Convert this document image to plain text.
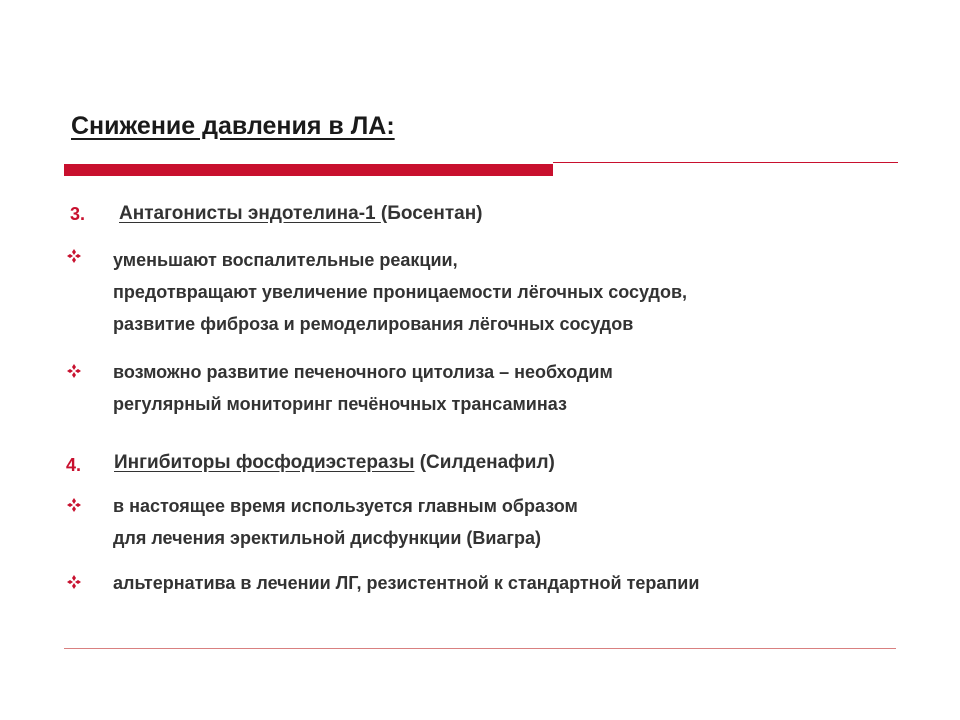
Снижение давления в ЛА:
3. Антагонисты эндотелина-1 (Босентан)
уменьшают воспалительные реакции,
предотвращают увеличение проницаемости лёгочных сосудов,
развитие фиброза и ремоделирования лёгочных сосудов
возможно развитие печеночного цитолиза – необходим
регулярный мониторинг печёночных трансаминаз
4. Ингибиторы фосфодиэстеразы (Силденафил)
в настоящее время используется главным образом
для лечения эректильной дисфункции (Виагра)
альтернатива в лечении ЛГ, резистентной к стандартной терапии
